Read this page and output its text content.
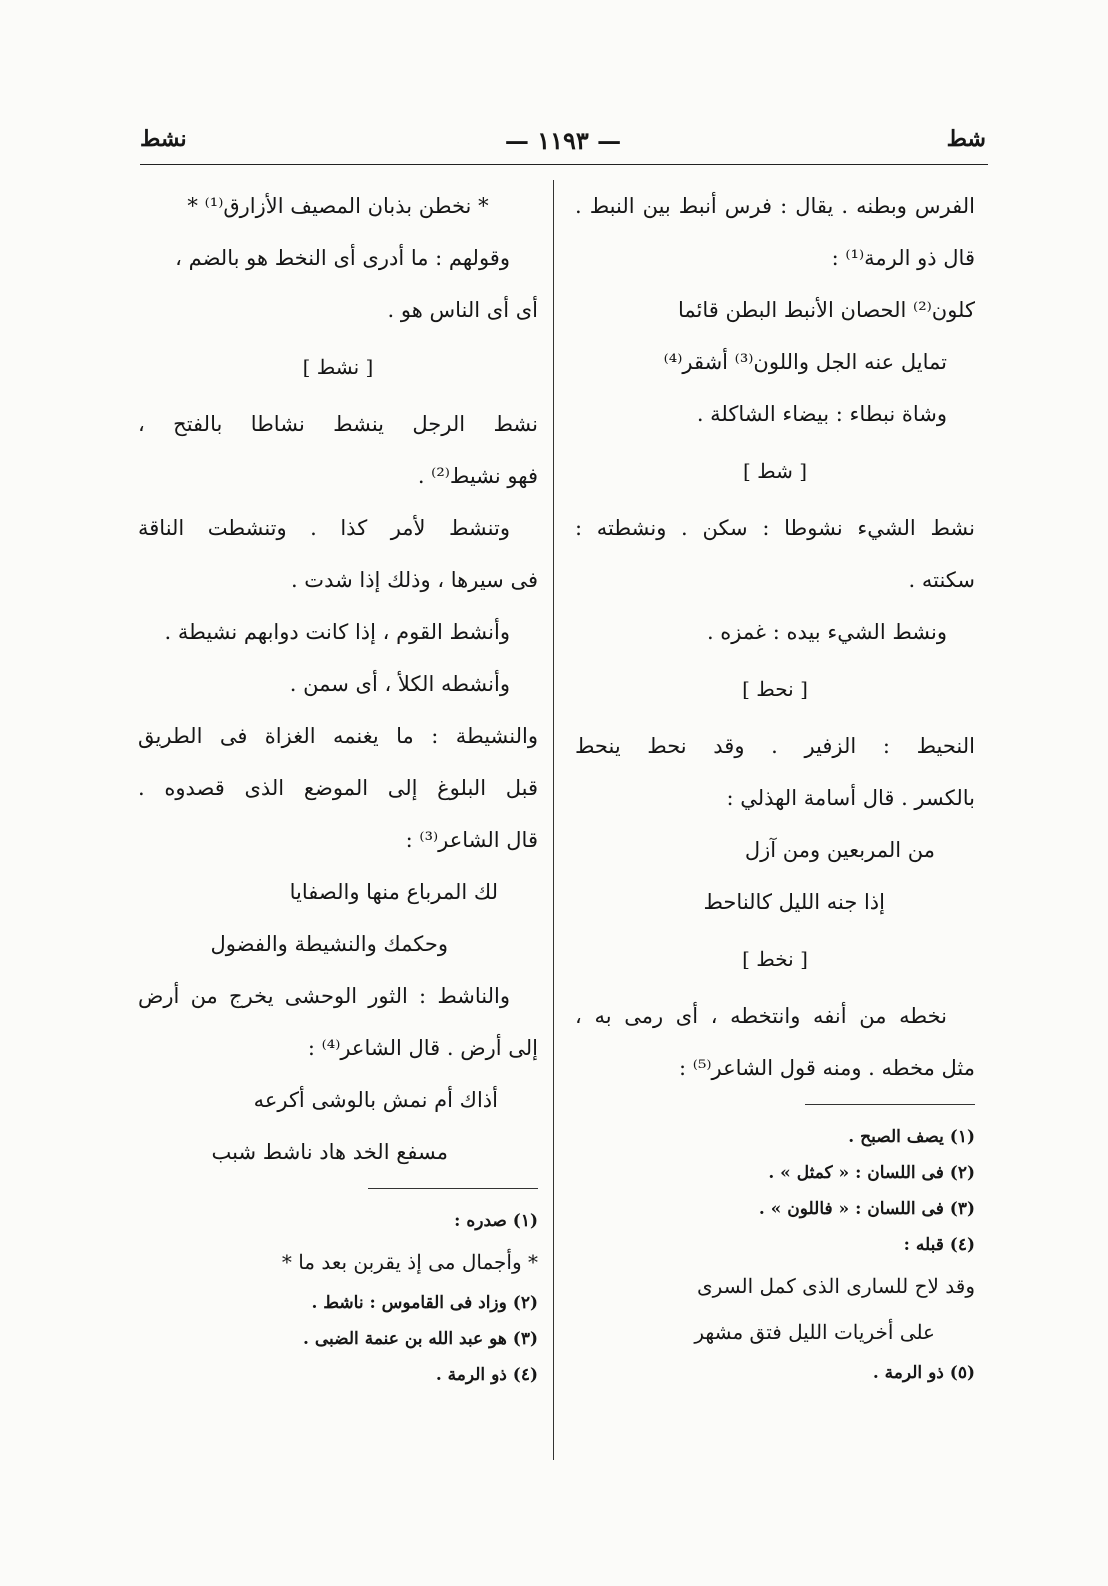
شط
— ١١٩٣ —
نشط
الفرس وبطنه . يقال : فرس أنبط بين النبط .
قال ذو الرمة⁽¹⁾ :
كلون⁽²⁾ الحصان الأنبط البطن قائما
تمايل عنه الجل واللون⁽³⁾ أشقر⁽⁴⁾
وشاة نبطاء : بيضاء الشاكلة .
[ شط ]
نشط الشيء نشوطا : سكن . ونشطته :
سكنته .
ونشط الشيء بيده : غمزه .
[ نحط ]
النحيط : الزفير . وقد نحط ينحط
بالكسر . قال أسامة الهذلي :
من المربعين ومن آزل
إذا جنه الليل كالناحط
[ نخط ]
نخطه من أنفه وانتخطه ، أى رمى به ،
مثل مخطه . ومنه قول الشاعر⁽⁵⁾ :
(١) يصف الصبح .
(٢) فى اللسان : « كمثل » .
(٣) فى اللسان : « فاللون » .
(٤) قبله :
وقد لاح للسارى الذى كمل السرى
على أخريات الليل فتق مشهر
(٥) ذو الرمة .
* نخطن بذبان المصيف الأزارق⁽¹⁾ *
وقولهم : ما أدرى أى النخط هو بالضم ،
أى أى الناس هو .
[ نشط ]
نشط الرجل ينشط نشاطا بالفتح ،
فهو نشيط⁽²⁾ .
وتنشط لأمر كذا . وتنشطت الناقة
فى سيرها ، وذلك إذا شدت .
وأنشط القوم ، إذا كانت دوابهم نشيطة .
وأنشطه الكلأ ، أى سمن .
والنشيطة : ما يغنمه الغزاة فى الطريق
قبل البلوغ إلى الموضع الذى قصدوه .
قال الشاعر⁽³⁾ :
لك المرباع منها والصفايا
وحكمك والنشيطة والفضول
والناشط : الثور الوحشى يخرج من أرض
إلى أرض . قال الشاعر⁽⁴⁾ :
أذاك أم نمش بالوشى أكرعه
مسفع الخد هاد ناشط شبب
(١) صدره :
* وأجمال مى إذ يقربن بعد ما *
(٢) وزاد فى القاموس : ناشط .
(٣) هو عبد الله بن عنمة الضبى .
(٤) ذو الرمة .
